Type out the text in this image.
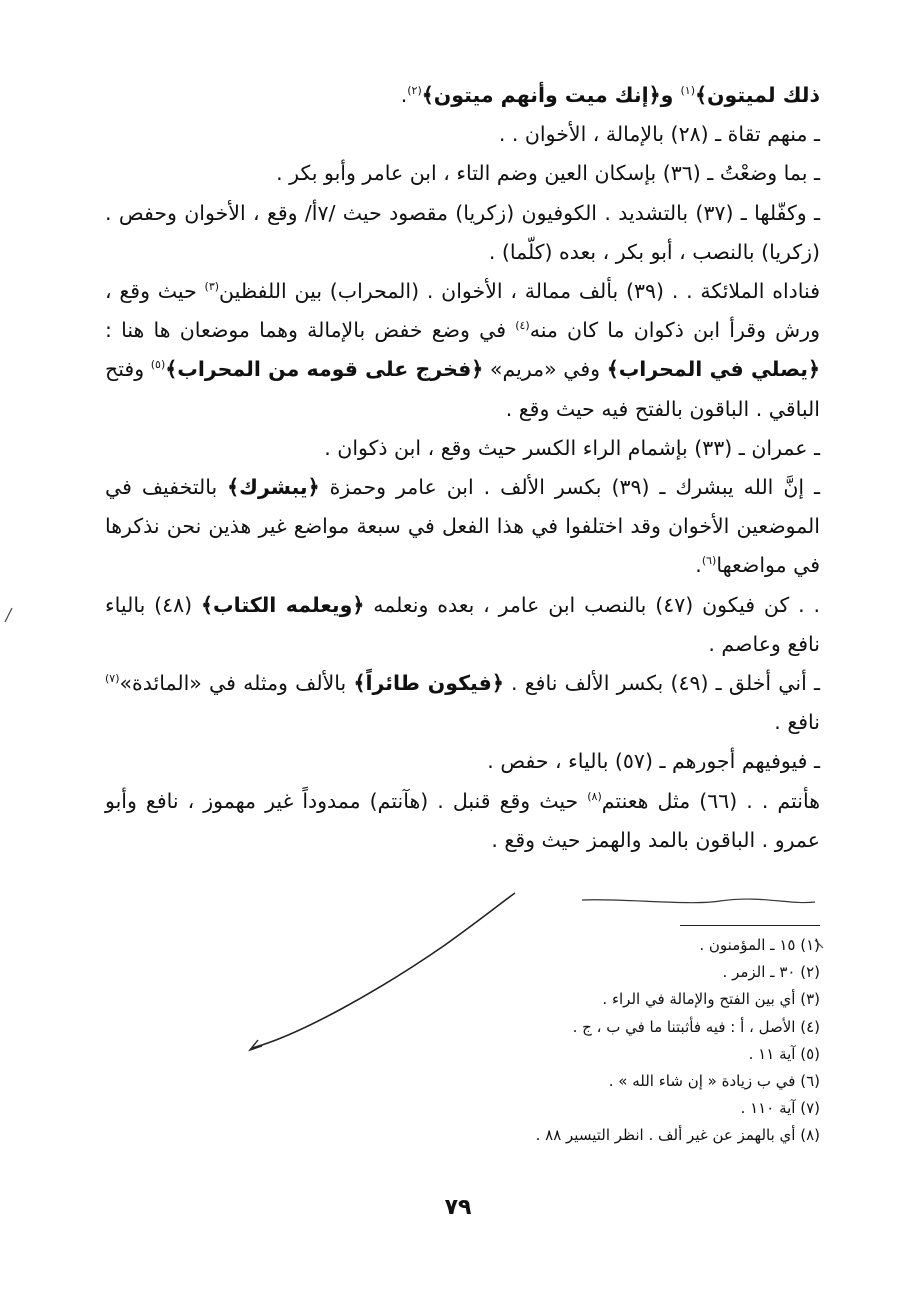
ذلك لميتون﴾$^{(١)}$ و﴿إنك ميت وأنهم ميتون﴾$^{(٢)}$.

ـ منهم تقاة ـ (٢٨) بالإمالة ، الأخوان . .

ـ بما وضعْتُ ـ (٣٦) بإسكان العين وضم التاء ، ابن عامر وأبو بكر .

ـ وكفّلها ـ (٣٧) بالتشديد . الكوفيون (زكريا) مقصود حيث /٧أ/ وقع ، الأخوان وحفص . (زكريا) بالنصب ، أبو بكر ، بعده (كلّما) .

فناداه الملائكة . . (٣٩) بألف ممالة ، الأخوان . (المحراب) بين اللفظين$^{(٣)}$ حيث وقع ، ورش وقرأ ابن ذكوان ما كان منه$^{(٤)}$ في وضع خفض بالإمالة وهما موضعان ها هنا : ﴿يصلي في المحراب﴾ وفي «مريم» ﴿فخرج على قومه من المحراب﴾$^{(٥)}$ وفتح الباقي . الباقون بالفتح فيه حيث وقع .

ـ عمران ـ (٣٣) بإشمام الراء الكسر حيث وقع ، ابن ذكوان .

ـ إنَّ الله يبشرك ـ (٣٩) بكسر الألف . ابن عامر وحمزة ﴿يبشرك﴾ بالتخفيف في الموضعين الأخوان وقد اختلفوا في هذا الفعل في سبعة مواضع غير هذين نحن نذكرها في مواضعها$^{(٦)}$.

. . كن فيكون (٤٧) بالنصب ابن عامر ، بعده ونعلمه ﴿ويعلمه الكتاب﴾ (٤٨) بالياء نافع وعاصم .

ـ أني أخلق ـ (٤٩) بكسر الألف نافع . ﴿فيكون طائراً﴾ بالألف ومثله في «المائدة»$^{(٧)}$ نافع .

ـ فيوفيهم أجورهم ـ (٥٧) بالياء ، حفص .

هأنتم . . (٦٦) مثل هعنتم$^{(٨)}$ حيث وقع قنبل . (هآنتم) ممدوداً غير مهموز ، نافع وأبو عمرو . الباقون بالمد والهمز حيث وقع .

(١) ١٥ ـ المؤمنون .
(٢) ٣٠ ـ الزمر .
(٣) أي بين الفتح والإمالة في الراء .
(٤) الأصل ، أ : فيه فأثبتنا ما في ب ، ج .
(٥) آية ١١ .
(٦) في ب زيادة « إن شاء الله » .
(٧) آية ١١٠ .
(٨) أي بالهمز عن غير ألف . انظر التيسير ٨٨ .
٧٩
